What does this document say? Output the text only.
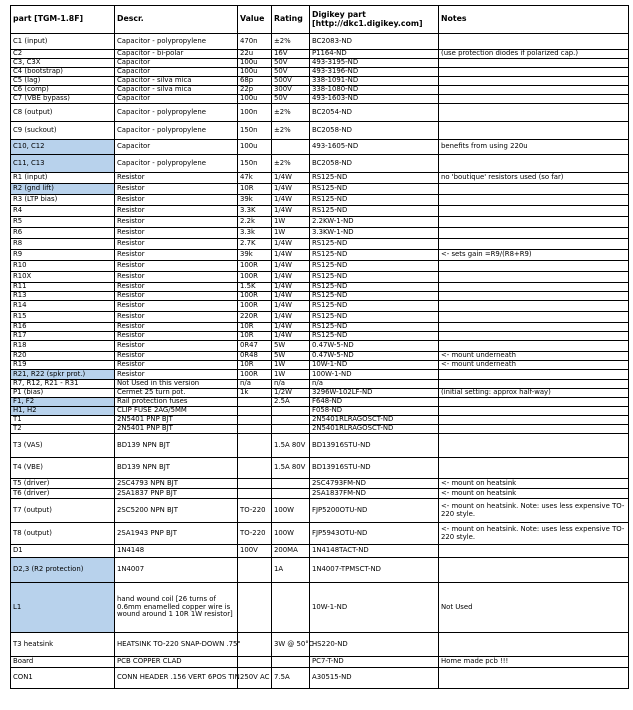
part [TGM-1.8F]	Descr.	Value	Rating	Digikey part [http://dkc1.digikey.com]	Notes
C1 (input)	Capacitor - polypropylene	470n	±2%	BC2083-ND	
C2	Capacitor - bi-polar	22u	16V	P1164-ND	(use protection diodes if polarized cap.)
C3, C3X	Capacitor	100u	50V	493-3195-ND	
C4 (bootstrap)	Capacitor	100u	50V	493-3196-ND	
C5 (lag)	Capacitor - silva mica	68p	500V	338-1091-ND	
C6 (comp)	Capacitor - silva mica	22p	300V	338-1080-ND	
C7 (VBE bypass)	Capacitor	100u	50V	493-1603-ND	
C8 (output)	Capacitor - polypropylene	100n	±2%	BC2054-ND	
C9 (suckout)	Capacitor - polypropylene	150n	±2%	BC2058-ND	
C10, C12	Capacitor	100u		493-1605-ND	benefits from using 220u
C11, C13	Capacitor - polypropylene	150n	±2%	BC2058-ND	
R1 (input)	Resistor	47k	1/4W	RS125-ND	no 'boutique' resistors used (so far)
R2 (gnd lift)	Resistor	10R	1/4W	RS125-ND	
R3 (LTP bias)	Resistor	39k	1/4W	RS125-ND	
R4	Resistor	3.3K	1/4W	RS125-ND	
R5	Resistor	2.2k	1W	2.2KW-1-ND	
R6	Resistor	3.3k	1W	3.3KW-1-ND	
R8	Resistor	2.7K	1/4W	RS125-ND	
R9	Resistor	39k	1/4W	RS125-ND	<- sets gain =R9/(R8+R9)
R10	Resistor	100R	1/4W	RS125-ND	
R10X	Resistor	100R	1/4W	RS125-ND	
R11	Resistor	1.5K	1/4W	RS125-ND	
R13	Resistor	100R	1/4W	RS125-ND	
R14	Resistor	100R	1/4W	RS125-ND	
R15	Resistor	220R	1/4W	RS125-ND	
R16	Resistor	10R	1/4W	RS125-ND	
R17	Resistor	10R	1/4W	RS125-ND	
R18	Resistor	0R47	5W	0.47W-5-ND	
R20	Resistor	0R48	5W	0.47W-5-ND	<- mount underneath
R19	Resistor	10R	1W	10W-1-ND	<- mount underneath
R21, R22 (spkr prot.)	Resistor	100R	1W	100W-1-ND	
R7, R12, R21 - R31	Not Used in this version	n/a	n/a	n/a	
P1 (bias)	Cermet 25 turn pot.	1k	1/2W	3296W-102LF-ND	(initial setting: approx half-way)
F1, F2	Rail protection fuses		2.5A	F648-ND	
H1, H2	CLIP FUSE 2AG/5MM			F058-ND	
T1	2N5401 PNP BJT			2N5401RLRAGOSCT-ND	
T2	2N5401 PNP BJT			2N5401RLRAGOSCT-ND	
T3 (VAS)	BD139 NPN BJT		1.5A 80V	BD13916STU-ND	
T4 (VBE)	BD139 NPN BJT		1.5A 80V	BD13916STU-ND	
T5 (driver)	2SC4793 NPN BJT			2SC4793FM-ND	<- mount on heatsink
T6 (driver)	2SA1837 PNP BJT			2SA1837FM-ND	<- mount on heatsink
T7 (output)	2SC5200 NPN BJT	TO-220	100W	FJP5200OTU-ND	<- mount on heatsink. Note: uses less expensive TO-220 style.
T8 (output)	2SA1943 PNP BJT	TO-220	100W	FJP5943OTU-ND	<- mount on heatsink. Note: uses less expensive TO-220 style.
D1	1N4148	100V	200MA	1N4148TACT-ND	
D2,3 (R2 protection)	1N4007		1A	1N4007-TPMSCT-ND	
L1	hand wound coil [26 turns of 0.6mm enamelled copper wire is wound around 1 10R 1W resistor]			10W-1-ND	Not Used
T3 heatsink	HEATSINK TO-220 SNAP-DOWN .75"		3W @ 50°C	HS220-ND	
Board	PCB COPPER CLAD			PC7-T-ND	Home made pcb !!!
CON1	CONN HEADER .156 VERT 6POS TIN	250V AC	7.5A	A30515-ND	
